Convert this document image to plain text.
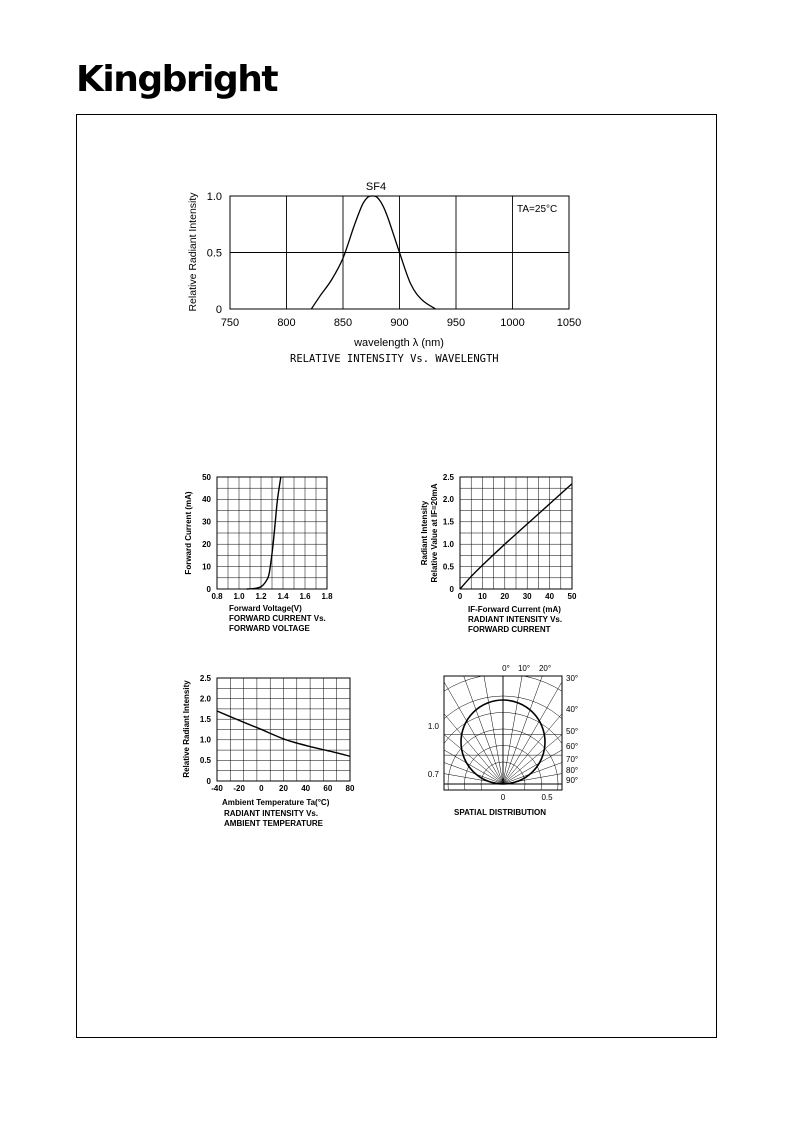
Kingbright
750	800	850	900	950	1000	1050
0
0.5
1.0
SF4
TA=25°C
Relative Radiant Intensity
wavelength λ (nm)
RELATIVE INTENSITY Vs. WAVELENGTH
0.8 1.0 1.2 1.4 1.6 1.8
0
10
20
30
40
50
Forward Current (mA)
Forward Voltage(V)
FORWARD CURRENT Vs.
FORWARD VOLTAGE
0 10 20 30 40 50
0
0.5
1.0
1.5
2.0
2.5
Radiant Intensity Relative Value at IF=20mA
IF-Forward Current (mA)
RADIANT INTENSITY Vs.
FORWARD CURRENT
-40 -20 0 20 40 60 80
0
0.5
1.0
1.5
2.0
2.5
Relative Radiant Intensity
Ambient Temperature Ta(°C)
RADIANT INTENSITY Vs.
AMBIENT TEMPERATURE
0° 10° 20°
30°
40°
50°
60°
70°
80°
90°
1.0
0.7
0	0.5
SPATIAL DISTRIBUTION
